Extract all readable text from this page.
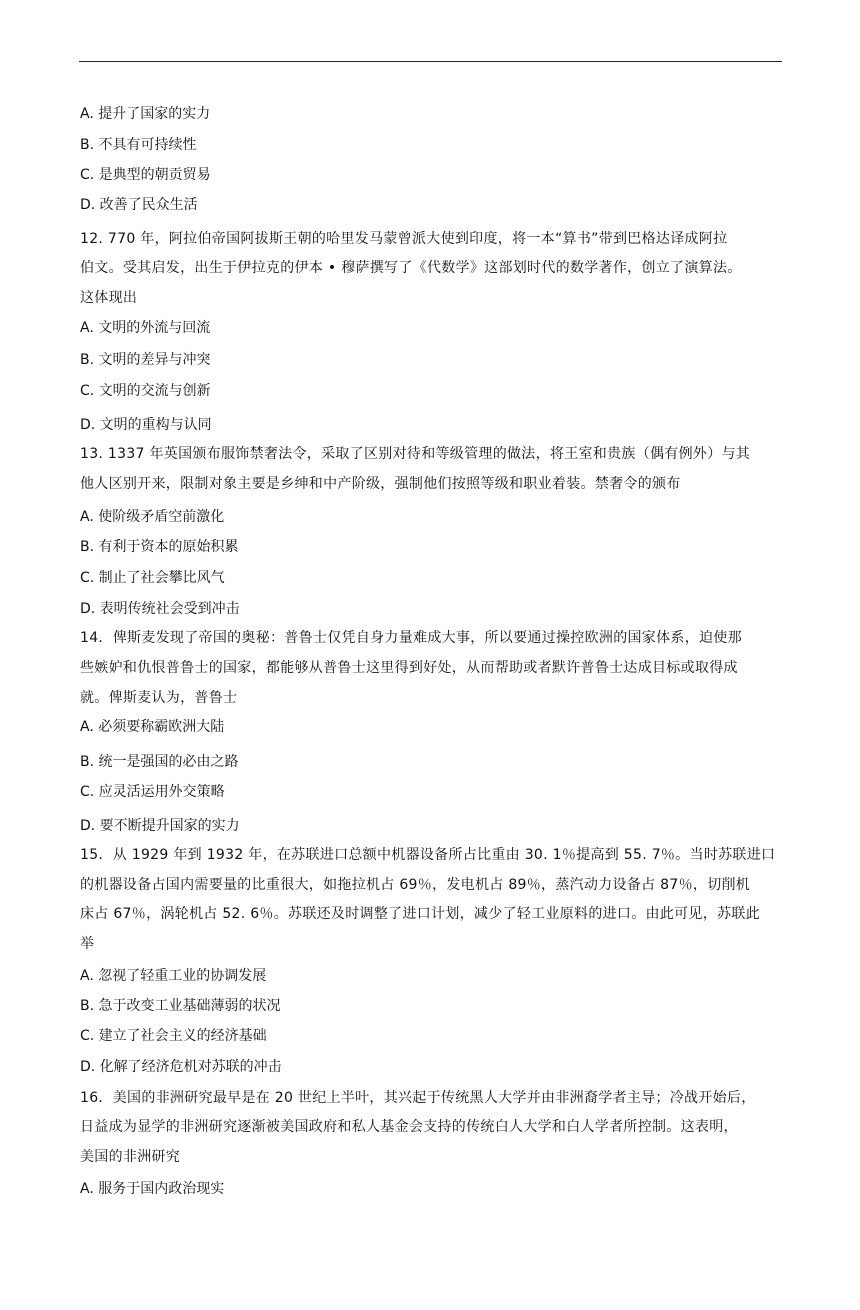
A. 提升了国家的实力
B. 不具有可持续性
C. 是典型的朝贡贸易
D. 改善了民众生活
12. 770 年，阿拉伯帝国阿拔斯王朝的哈里发马蒙曾派大使到印度，将一本“算书”带到巴格达译成阿拉
伯文。受其启发，出生于伊拉克的伊本 • 穆萨撰写了《代数学》这部划时代的数学著作，创立了演算法。
这体现出
A. 文明的外流与回流
B. 文明的差异与冲突
C. 文明的交流与创新
D. 文明的重构与认同
13. 1337 年英国颁布服饰禁奢法令，采取了区别对待和等级管理的做法，将王室和贵族（偶有例外）与其
他人区别开来，限制对象主要是乡绅和中产阶级，强制他们按照等级和职业着装。禁奢令的颁布
A. 使阶级矛盾空前激化
B. 有利于资本的原始积累
C. 制止了社会攀比风气
D. 表明传统社会受到冲击
14．俾斯麦发现了帝国的奥秘：普鲁士仅凭自身力量难成大事，所以要通过操控欧洲的国家体系，迫使那
些嫉妒和仇恨普鲁士的国家，都能够从普鲁士这里得到好处，从而帮助或者默许普鲁士达成目标或取得成
就。俾斯麦认为，普鲁士
A. 必须要称霸欧洲大陆
B. 统一是强国的必由之路
C. 应灵活运用外交策略
D. 要不断提升国家的实力
15．从 1929 年到 1932 年，在苏联进口总额中机器设备所占比重由 30. 1％提高到 55. 7％。当时苏联进口
的机器设备占国内需要量的比重很大，如拖拉机占 69％，发电机占 89％，蒸汽动力设备占 87％，切削机
床占 67％，涡轮机占 52. 6％。苏联还及时调整了进口计划，减少了轻工业原料的进口。由此可见，苏联此
举
A. 忽视了轻重工业的协调发展
B. 急于改变工业基础薄弱的状况
C. 建立了社会主义的经济基础
D. 化解了经济危机对苏联的冲击
16．美国的非洲研究最早是在 20 世纪上半叶，其兴起于传统黑人大学并由非洲裔学者主导；冷战开始后，
日益成为显学的非洲研究逐渐被美国政府和私人基金会支持的传统白人大学和白人学者所控制。这表明，
美国的非洲研究
A. 服务于国内政治现实
